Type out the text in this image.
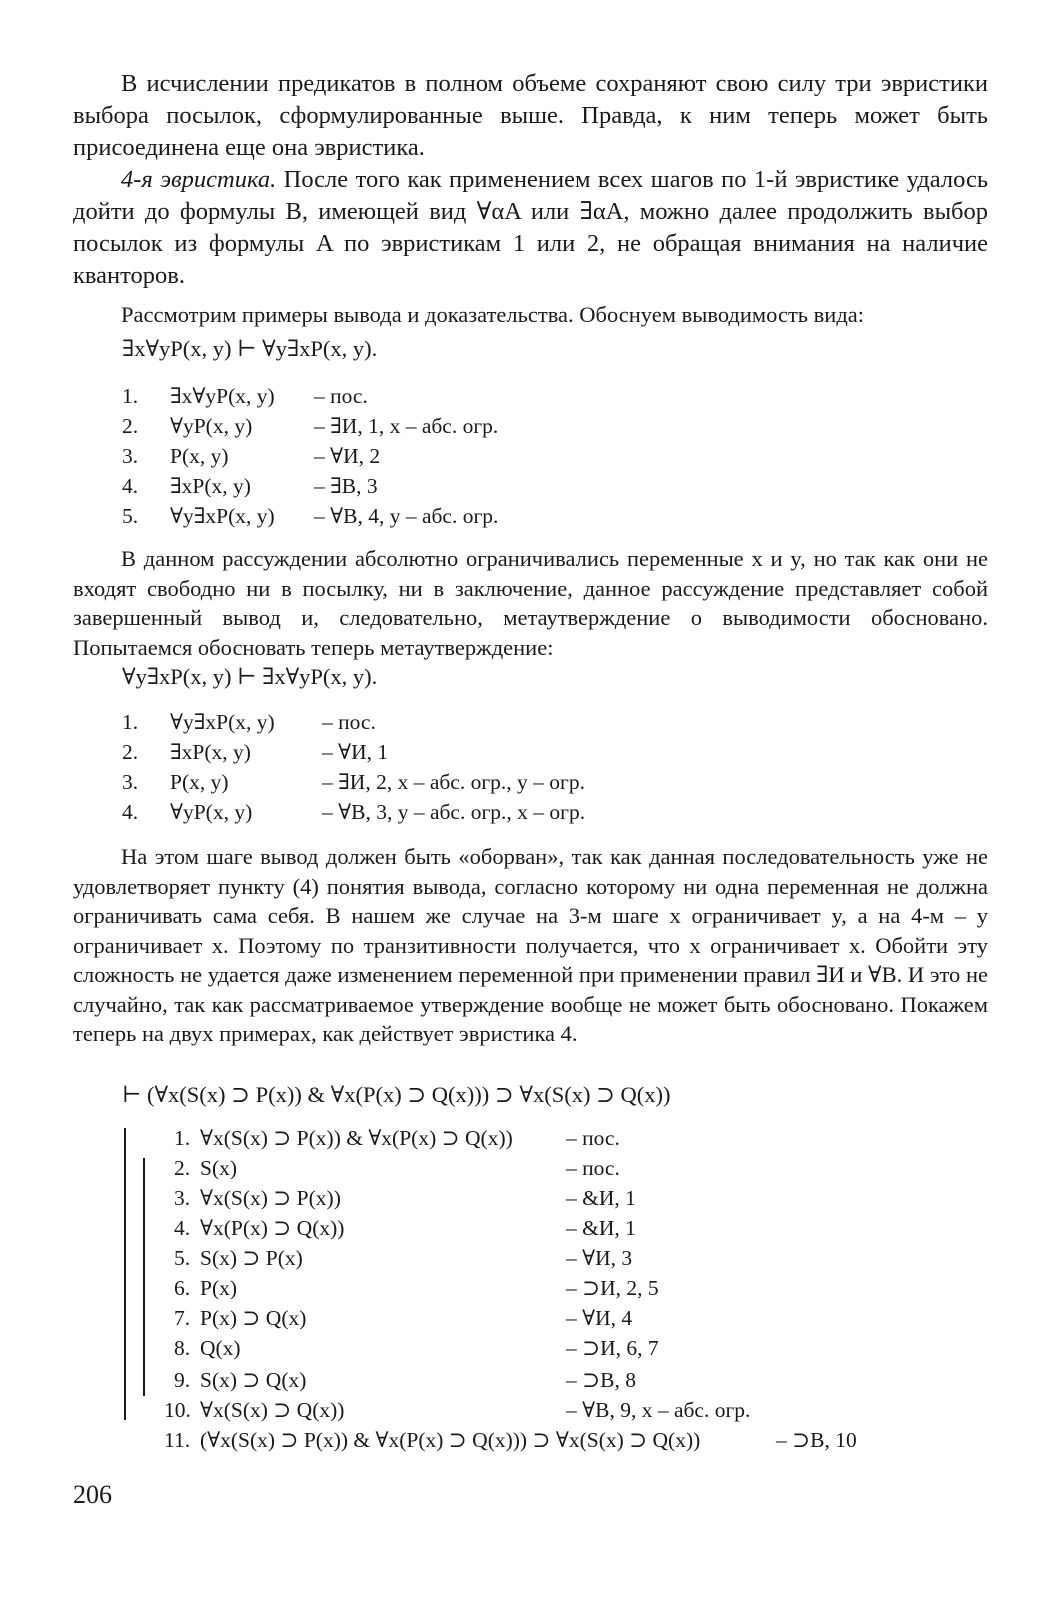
В исчислении предикатов в полном объеме сохраняют свою силу три эвристики выбора посылок, сформулированные выше. Правда, к ним теперь может быть присоединена еще она эвристика.

4-я эвристика. После того как применением всех шагов по 1-й эвристике удалось дойти до формулы B, имеющей вид ∀αA или ∃αA, можно далее продолжить выбор посылок из формулы A по эвристикам 1 или 2, не обращая внимания на наличие кванторов.

Рассмотрим примеры вывода и доказательства. Обоснуем выводимость вида:

∃x∀yP(x, y) ⊢ ∀y∃xP(x, y).
1. ∃x∀yP(x, y) – пос.
2. ∀yP(x, y)	– ∃И, 1, x – абс. огр.
3. P(x, y)	– ∀И, 2
4. ∃xP(x, y)	– ∃В, 3
5. ∀y∃xP(x, y) – ∀В, 4, y – абс. огр.

В данном рассуждении абсолютно ограничивались переменные x и y, но так как они не входят свободно ни в посылку, ни в заключение, данное рассуждение представляет собой завершенный вывод и, следовательно, метаутверждение о выводимости обосновано. Попытаемся обосновать теперь метаутверждение:

∀y∃xP(x, y) ⊢ ∃x∀yP(x, y).
1. ∀y∃xP(x, y) – пос.
2. ∃xP(x, y)	– ∀И, 1
3. P(x, y)	– ∃И, 2, x – абс. огр., y – огр.
4. ∀yP(x, y)	– ∀В, 3, y – абс. огр., x – огр.

На этом шаге вывод должен быть «оборван», так как данная последовательность уже не удовлетворяет пункту (4) понятия вывода, согласно которому ни одна переменная не должна ограничивать сама себя. В нашем же случае на 3-м шаге x ограничивает y, а на 4-м – y ограничивает x. Поэтому по транзитивности получается, что x ограничивает x. Обойти эту сложность не удается даже изменением переменной при применении правил ∃И и ∀В. И это не случайно, так как рассматриваемое утверждение вообще не может быть обосновано. Покажем теперь на двух примерах, как действует эвристика 4.

⊢ (∀x(S(x) ⊃ P(x)) & ∀x(P(x) ⊃ Q(x))) ⊃ ∀x(S(x) ⊃ Q(x))
1. ∀x(S(x) ⊃ P(x)) & ∀x(P(x) ⊃ Q(x)) – пос.
2. S(x)	– пос.
3. ∀x(S(x) ⊃ P(x))	– &И, 1
4. ∀x(P(x) ⊃ Q(x))	– &И, 1
5. S(x) ⊃ P(x)	– ∀И, 3
6. P(x)	– ⊃И, 2, 5
7. P(x) ⊃ Q(x)	– ∀И, 4
8. Q(x)	– ⊃И, 6, 7
9. S(x) ⊃ Q(x)	– ⊃В, 8
10. ∀x(S(x) ⊃ Q(x))	– ∀В, 9, x – абс. огр.
11. (∀x(S(x) ⊃ P(x)) & ∀x(P(x) ⊃ Q(x))) ⊃ ∀x(S(x) ⊃ Q(x))	– ⊃В, 10
206
